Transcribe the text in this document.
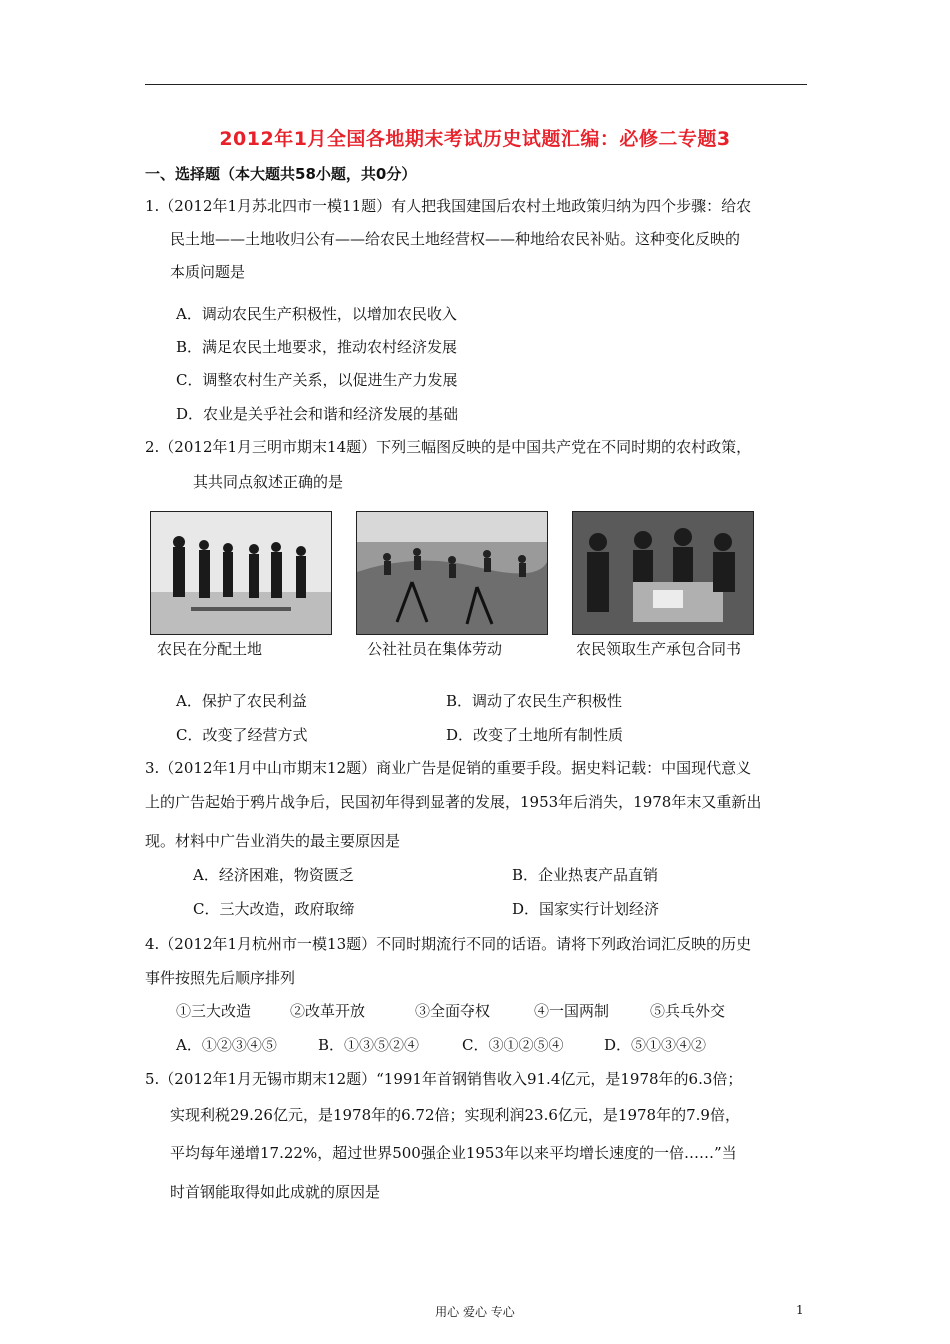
2012年1月全国各地期末考试历史试题汇编：必修二专题3
一、选择题（本大题共58小题，共0分）
1.（2012年1月苏北四市一模11题）有人把我国建国后农村土地政策归纳为四个步骤：给农
民土地——土地收归公有——给农民土地经营权——种地给农民补贴。这种变化反映的
本质问题是
A．调动农民生产积极性，以增加农民收入
B．满足农民土地要求，推动农村经济发展
C．调整农村生产关系，以促进生产力发展
D．农业是关乎社会和谐和经济发展的基础
2.（2012年1月三明市期末14题）下列三幅图反映的是中国共产党在不同时期的农村政策，
其共同点叙述正确的是
农民在分配土地	公社社员在集体劳动	农民领取生产承包合同书
A．保护了农民利益	B．调动了农民生产积极性
C．改变了经营方式	D．改变了土地所有制性质
3.（2012年1月中山市期末12题）商业广告是促销的重要手段。据史料记载：中国现代意义
上的广告起始于鸦片战争后，民国初年得到显著的发展，1953年后消失，1978年末又重新出
现。材料中广告业消失的最主要原因是
A．经济困难，物资匮乏	B．企业热衷产品直销
C．三大改造，政府取缔	D．国家实行计划经济
4.（2012年1月杭州市一模13题）不同时期流行不同的话语。请将下列政治词汇反映的历史
事件按照先后顺序排列
①三大改造	②改革开放	③全面夺权	④一国两制	⑤兵乓外交
A．①②③④⑤	B．①③⑤②④	C．③①②⑤④	D．⑤①③④②
5.（2012年1月无锡市期末12题）“1991年首钢销售收入91.4亿元，是1978年的6.3倍；
实现利税29.26亿元，是1978年的6.72倍；实现利润23.6亿元，是1978年的7.9倍，
平均每年递增17.22%，超过世界500强企业1953年以来平均增长速度的一倍……”当
时首钢能取得如此成就的原因是
用心 爱心 专心	1
